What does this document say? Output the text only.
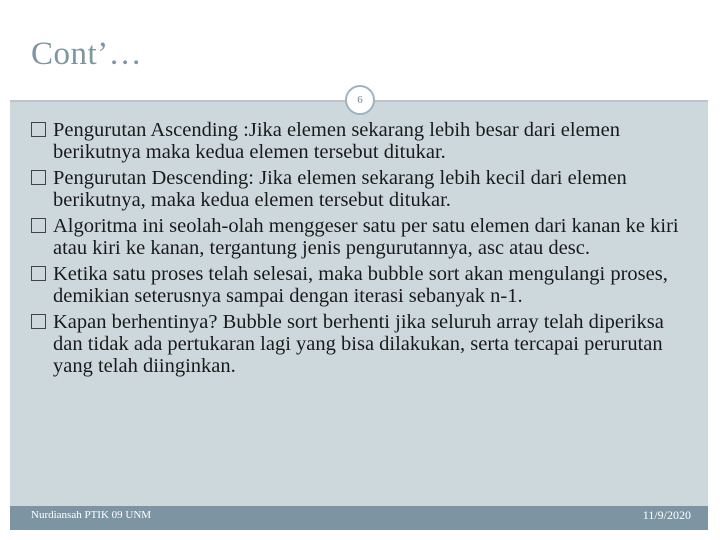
Cont’…
6
Pengurutan Ascending :Jika elemen sekarang lebih besar dari elemen berikutnya maka kedua elemen tersebut ditukar.
Pengurutan Descending: Jika elemen sekarang lebih kecil dari elemen berikutnya, maka kedua elemen tersebut ditukar.
Algoritma ini seolah-olah menggeser satu per satu elemen dari kanan ke kiri atau kiri ke kanan, tergantung jenis pengurutannya, asc atau desc.
Ketika satu proses telah selesai, maka bubble sort akan mengulangi proses, demikian seterusnya sampai dengan iterasi sebanyak n-1.
Kapan berhentinya? Bubble sort berhenti jika seluruh array telah diperiksa dan tidak ada pertukaran lagi yang bisa dilakukan, serta tercapai perurutan yang telah diinginkan.
Nurdiansah PTIK 09 UNM	11/9/2020
